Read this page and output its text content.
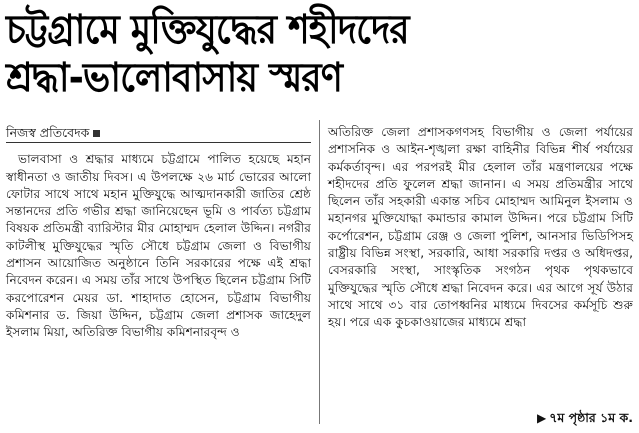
চট্টগ্রামে মুক্তিযুদ্ধের শহীদদের
শ্রদ্ধা-ভালোবাসায় স্মরণ
নিজস্ব প্রতিবেদক

ভালবাসা ও শ্রদ্ধার মাধ্যমে চট্টগ্রামে পালিত হয়েছে মহান স্বাধীনতা ও জাতীয় দিবস। এ উপলক্ষে ২৬ মার্চ ভোরের আলো ফোটার সাথে সাথে মহান মুক্তিযুদ্ধে আত্মদানকারী জাতির শ্রেষ্ঠ সন্তানদের প্রতি গভীর শ্রদ্ধা জানিয়েছেন ভূমি ও পার্বত্য চট্টগ্রাম বিষয়ক প্রতিমন্ত্রী ব্যারিস্টার মীর মোহাম্মদ হেলাল উদ্দিন। নগরীর কাটলীস্থ মুক্তিযুদ্ধের স্মৃতি সৌধে চট্টগ্রাম জেলা ও বিভাগীয় প্রশাসন আয়োজিত অনুষ্ঠানে তিনি সরকারের পক্ষে এই শ্রদ্ধা নিবেদন করেন। এ সময় তাঁর সাথে উপস্থিত ছিলেন চট্টগ্রাম সিটি করপোরেশন মেয়র ডা. শাহাদাত হোসেন, চট্টগ্রাম বিভাগীয় কমিশনার ড. জিয়া উদ্দিন, চট্টগ্রাম জেলা প্রশাসক জাহেদুল ইসলাম মিয়া, অতিরিক্ত বিভাগীয় কমিশনারবৃন্দ ও

অতিরিক্ত জেলা প্রশাসকগণসহ বিভাগীয় ও জেলা পর্যায়ের প্রশাসনিক ও আইন-শৃঙ্খলা রক্ষা বাহিনীর বিভিন্ন শীর্ষ পর্যায়ের কর্মকর্তাবৃন্দ। এর পরপরই মীর হেলাল তাঁর মন্ত্রণালয়ের পক্ষে শহীদদের প্রতি ফুলেল শ্রদ্ধা জানান। এ সময় প্রতিমন্ত্রীর সাথে ছিলেন তাঁর সহকারী একান্ত সচিব মোহাম্মদ আমিনুল ইসলাম ও মহানগর মুক্তিযোদ্ধা কমান্ডার কামাল উদ্দিন। পরে চট্টগ্রাম সিটি কর্পোরেশন, চট্টগ্রাম রেঞ্জ ও জেলা পুলিশ, আনসার ভিডিপিসহ রাষ্ট্রীয় বিভিন্ন সংস্থা, সরকারি, আধা সরকারি দপ্তর ও অধিদপ্তর, বেসরকারি সংস্থা, সাংস্কৃতিক সংগঠন পৃথক পৃথকভাবে মুক্তিযুদ্ধের স্মৃতি সৌধে শ্রদ্ধা নিবেদন করে। এর আগে সূর্য উঠার সাথে সাথে ৩১ বার তোপধ্বনির মাধ্যমে দিবসের কর্মসূচি শুরু হয়। পরে এক কুচকাওয়াজের মাধ্যমে শ্রদ্ধা

▶ ৭ম পৃষ্ঠার ১ম ক.
